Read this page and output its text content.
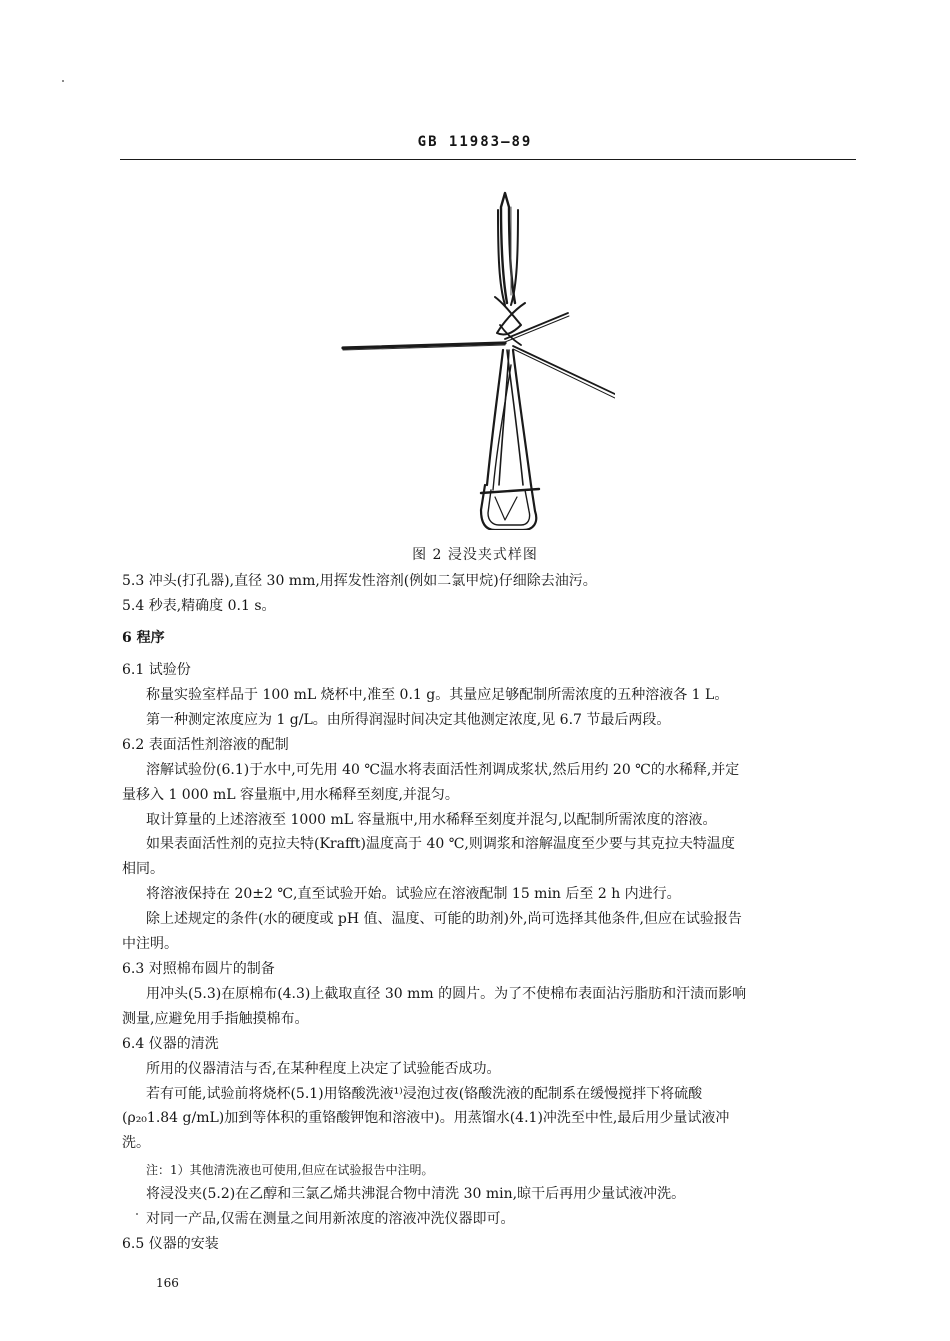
GB 11983—89
图 2 浸没夹式样图
5.3 冲头(打孔器),直径 30 mm,用挥发性溶剂(例如二氯甲烷)仔细除去油污。
5.4 秒表,精确度 0.1 s。
6 程序
6.1 试验份
称量实验室样品于 100 mL 烧杯中,准至 0.1 g。其量应足够配制所需浓度的五种溶液各 1 L。
第一种测定浓度应为 1 g/L。由所得润湿时间决定其他测定浓度,见 6.7 节最后两段。
6.2 表面活性剂溶液的配制
溶解试验份(6.1)于水中,可先用 40 ℃温水将表面活性剂调成浆状,然后用约 20 ℃的水稀释,并定
量移入 1 000 mL 容量瓶中,用水稀释至刻度,并混匀。
取计算量的上述溶液至 1000 mL 容量瓶中,用水稀释至刻度并混匀,以配制所需浓度的溶液。
如果表面活性剂的克拉夫特(Krafft)温度高于 40 ℃,则调浆和溶解温度至少要与其克拉夫特温度
相同。
将溶液保持在 20±2 ℃,直至试验开始。试验应在溶液配制 15 min 后至 2 h 内进行。
除上述规定的条件(水的硬度或 pH 值、温度、可能的助剂)外,尚可选择其他条件,但应在试验报告
中注明。
6.3 对照棉布圆片的制备
用冲头(5.3)在原棉布(4.3)上截取直径 30 mm 的圆片。为了不使棉布表面沾污脂肪和汗渍而影响
测量,应避免用手指触摸棉布。
6.4 仪器的清洗
所用的仪器清洁与否,在某种程度上决定了试验能否成功。
若有可能,试验前将烧杯(5.1)用铬酸洗液¹⁾浸泡过夜(铬酸洗液的配制系在缓慢搅拌下将硫酸
(ρ₂₀1.84 g/mL)加到等体积的重铬酸钾饱和溶液中)。用蒸馏水(4.1)冲洗至中性,最后用少量试液冲
洗。
注：1）其他清洗液也可使用,但应在试验报告中注明。
将浸没夹(5.2)在乙醇和三氯乙烯共沸混合物中清洗 30 min,晾干后再用少量试液冲洗。
对同一产品,仅需在测量之间用新浓度的溶液冲洗仪器即可。
6.5 仪器的安装
166
